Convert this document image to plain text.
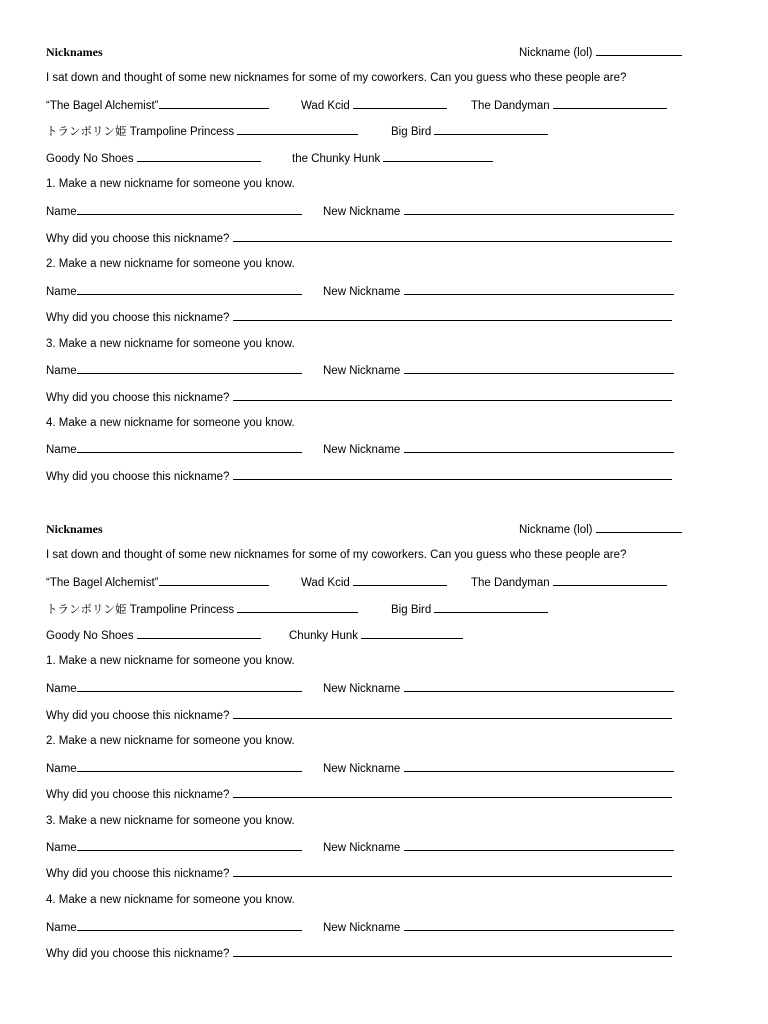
Nicknames	Nickname (lol)
I sat down and thought of some new nicknames for some of my coworkers. Can you guess who these people are?
“The Bagel Alchemist”	Wad Kcid	The Dandyman
トランポリン姫 Trampoline Princess	Big Bird
Goody No Shoes	the Chunky Hunk
1. Make a new nickname for someone you know.
Name	New Nickname
Why did you choose this nickname?
2. Make a new nickname for someone you know.
Name	New Nickname
Why did you choose this nickname?
3. Make a new nickname for someone you know.
Name	New Nickname
Why did you choose this nickname?
4. Make a new nickname for someone you know.
Name	New Nickname
Why did you choose this nickname?
Nicknames	Nickname (lol)
I sat down and thought of some new nicknames for some of my coworkers. Can you guess who these people are?
“The Bagel Alchemist”	Wad Kcid	The Dandyman
トランポリン姫 Trampoline Princess	Big Bird
Goody No Shoes	Chunky Hunk
1. Make a new nickname for someone you know.
Name	New Nickname
Why did you choose this nickname?
2. Make a new nickname for someone you know.
Name	New Nickname
Why did you choose this nickname?
3. Make a new nickname for someone you know.
Name	New Nickname
Why did you choose this nickname?
4. Make a new nickname for someone you know.
Name	New Nickname
Why did you choose this nickname?
